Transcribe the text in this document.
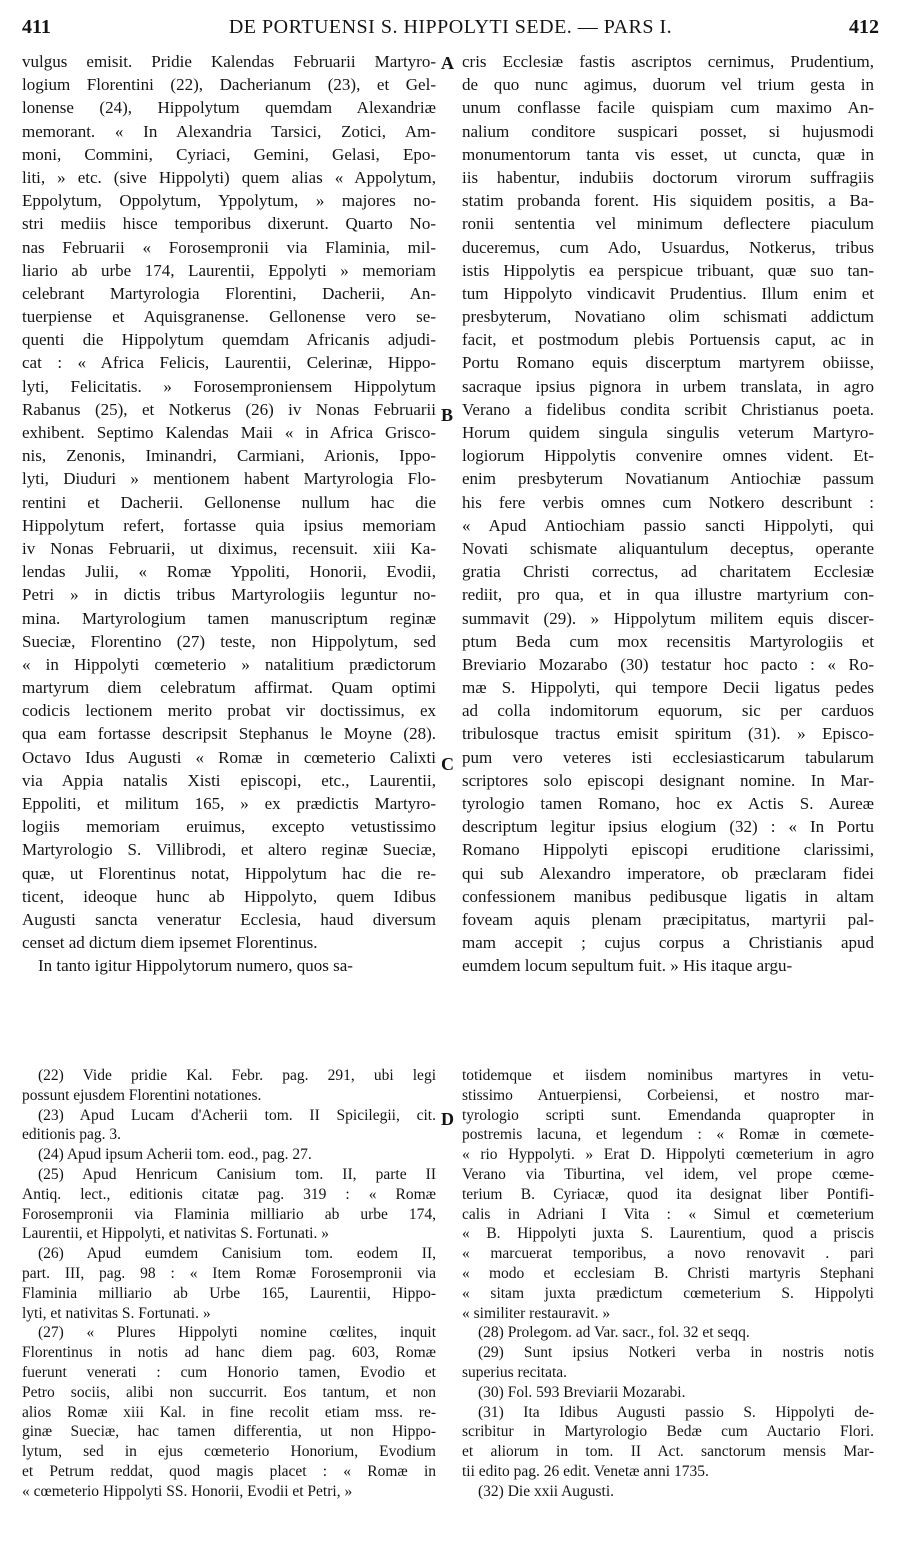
411	DE PORTUENSI S. HIPPOLYTI SEDE. — PARS I.	412
vulgus emisit. Pridie Kalendas Februarii Martyro-
logium Florentini (22), Dacherianum (23), et Gel-
lonense (24), Hippolytum quemdam Alexandriæ
memorant. « In Alexandria Tarsici, Zotici, Am-
moni, Commini, Cyriaci, Gemini, Gelasi, Epo-
liti, » etc. (sive Hippolyti) quem alias « Appolytum,
Eppolytum, Oppolytum, Yppolytum, » majores no-
stri mediis hisce temporibus dixerunt. Quarto No-
nas Februarii « Forosempronii via Flaminia, mil-
liario ab urbe 174, Laurentii, Eppolyti » memoriam
celebrant Martyrologia Florentini, Dacherii, An-
tuerpiense et Aquisgranense. Gellonense vero se-
quenti die Hippolytum quemdam Africanis adjudi-
cat : « Africa Felicis, Laurentii, Celerinæ, Hippo-
lyti, Felicitatis. » Forosemproniensem Hippolytum
Rabanus (25), et Notkerus (26) iv Nonas Februarii
exhibent. Septimo Kalendas Maii « in Africa Grisco-
nis, Zenonis, Iminandri, Carmiani, Arionis, Ippo-
lyti, Diuduri » mentionem habent Martyrologia Flo-
rentini et Dacherii. Gellonense nullum hac die
Hippolytum refert, fortasse quia ipsius memoriam
iv Nonas Februarii, ut diximus, recensuit. xiii Ka-
lendas Julii, « Romæ Yppoliti, Honorii, Evodii,
Petri » in dictis tribus Martyrologiis leguntur no-
mina. Martyrologium tamen manuscriptum reginæ
Sueciæ, Florentino (27) teste, non Hippolytum, sed
« in Hippolyti cœmeterio » natalitium prædictorum
martyrum diem celebratum affirmat. Quam optimi
codicis lectionem merito probat vir doctissimus, ex
qua eam fortasse descripsit Stephanus le Moyne (28).
Octavo Idus Augusti « Romæ in cœmeterio Calixti
via Appia natalis Xisti episcopi, etc., Laurentii,
Eppoliti, et militum 165, » ex prædictis Martyro-
logiis memoriam eruimus, excepto vetustissimo
Martyrologio S. Villibrodi, et altero reginæ Sueciæ,
quæ, ut Florentinus notat, Hippolytum hac die re-
ticent, ideoque hunc ab Hippolyto, quem Idibus
Augusti sancta veneratur Ecclesia, haud diversum
censet ad dictum diem ipsemet Florentinus.
In tanto igitur Hippolytorum numero, quos sa-
cris Ecclesiæ fastis ascriptos cernimus, Prudentium,
de quo nunc agimus, duorum vel trium gesta in
unum conflasse facile quispiam cum maximo An-
nalium conditore suspicari posset, si hujusmodi
monumentorum tanta vis esset, ut cuncta, quæ in
iis habentur, indubiis doctorum virorum suffragiis
statim probanda forent. His siquidem positis, a Ba-
ronii sententia vel minimum deflectere piaculum
duceremus, cum Ado, Usuardus, Notkerus, tribus
istis Hippolytis ea perspicue tribuant, quæ suo tan-
tum Hippolyto vindicavit Prudentius. Illum enim et
presbyterum, Novatiano olim schismati addictum
facit, et postmodum plebis Portuensis caput, ac in
Portu Romano equis discerptum martyrem obiisse,
sacraque ipsius pignora in urbem translata, in agro
Verano a fidelibus condita scribit Christianus poeta.
Horum quidem singula singulis veterum Martyro-
logiorum Hippolytis convenire omnes vident. Et-
enim presbyterum Novatianum Antiochiæ passum
his fere verbis omnes cum Notkero describunt :
« Apud Antiochiam passio sancti Hippolyti, qui
Novati schismate aliquantulum deceptus, operante
gratia Christi correctus, ad charitatem Ecclesiæ
rediit, pro qua, et in qua illustre martyrium con-
summavit (29). » Hippolytum militem equis discer-
ptum Beda cum mox recensitis Martyrologiis et
Breviario Mozarabo (30) testatur hoc pacto : « Ro-
mæ S. Hippolyti, qui tempore Decii ligatus pedes
ad colla indomitorum equorum, sic per carduos
tribulosque tractus emisit spiritum (31). » Episco-
pum vero veteres isti ecclesiasticarum tabularum
scriptores solo episcopi designant nomine. In Mar-
tyrologio tamen Romano, hoc ex Actis S. Aureæ
descriptum legitur ipsius elogium (32) : « In Portu
Romano Hippolyti episcopi eruditione clarissimi,
qui sub Alexandro imperatore, ob præclaram fidei
confessionem manibus pedibusque ligatis in altam
foveam aquis plenam præcipitatus, martyrii pal-
mam accepit ; cujus corpus a Christianis apud
eumdem locum sepultum fuit. » His itaque argu-
(22) Vide pridie Kal. Febr. pag. 291, ubi legi
possunt ejusdem Florentini notationes.
(23) Apud Lucam d'Acherii tom. II Spicilegii, cit.
editionis pag. 3.
(24) Apud ipsum Acherii tom. eod., pag. 27.
(25) Apud Henricum Canisium tom. II, parte II
Antiq. lect., editionis citatæ pag. 319 : « Romæ
Forosempronii via Flaminia milliario ab urbe 174,
Laurentii, et Hippolyti, et nativitas S. Fortunati. »
(26) Apud eumdem Canisium tom. eodem II,
part. III, pag. 98 : « Item Romæ Forosempronii via
Flaminia milliario ab Urbe 165, Laurentii, Hippo-
lyti, et nativitas S. Fortunati. »
(27) « Plures Hippolyti nomine cœlites, inquit
Florentinus in notis ad hanc diem pag. 603, Romæ
fuerunt venerati : cum Honorio tamen, Evodio et
Petro sociis, alibi non succurrit. Eos tantum, et non
alios Romæ xiii Kal. in fine recolit etiam mss. re-
ginæ Sueciæ, hac tamen differentia, ut non Hippo-
lytum, sed in ejus cœmeterio Honorium, Evodium
et Petrum reddat, quod magis placet : « Romæ in
« cœmeterio Hippolyti SS. Honorii, Evodii et Petri, »
totidemque et iisdem nominibus martyres in vetu-
stissimo Antuerpiensi, Corbeiensi, et nostro mar-
tyrologio scripti sunt. Emendanda quapropter in
postremis lacuna, et legendum : « Romæ in cœmete-
« rio Hyppolyti. » Erat D. Hippolyti cœmeterium in agro
Verano via Tiburtina, vel idem, vel prope cœme-
terium B. Cyriacæ, quod ita designat liber Pontifi-
calis in Adriani I Vita : « Simul et cœmeterium
« B. Hippolyti juxta S. Laurentium, quod a priscis
« marcuerat temporibus, a novo renovavit . pari
« modo et ecclesiam B. Christi martyris Stephani
« sitam juxta prædictum cœmeterium S. Hippolyti
« similiter restauravit. »
(28) Prolegom. ad Var. sacr., fol. 32 et seqq.
(29) Sunt ipsius Notkeri verba in nostris notis
superius recitata.
(30) Fol. 593 Breviarii Mozarabi.
(31) Ita Idibus Augusti passio S. Hippolyti de-
scribitur in Martyrologio Bedæ cum Auctario Flori.
et aliorum in tom. II Act. sanctorum mensis Mar-
tii edito pag. 26 edit. Venetæ anni 1735.
(32) Die xxii Augusti.
A
B
C
D
